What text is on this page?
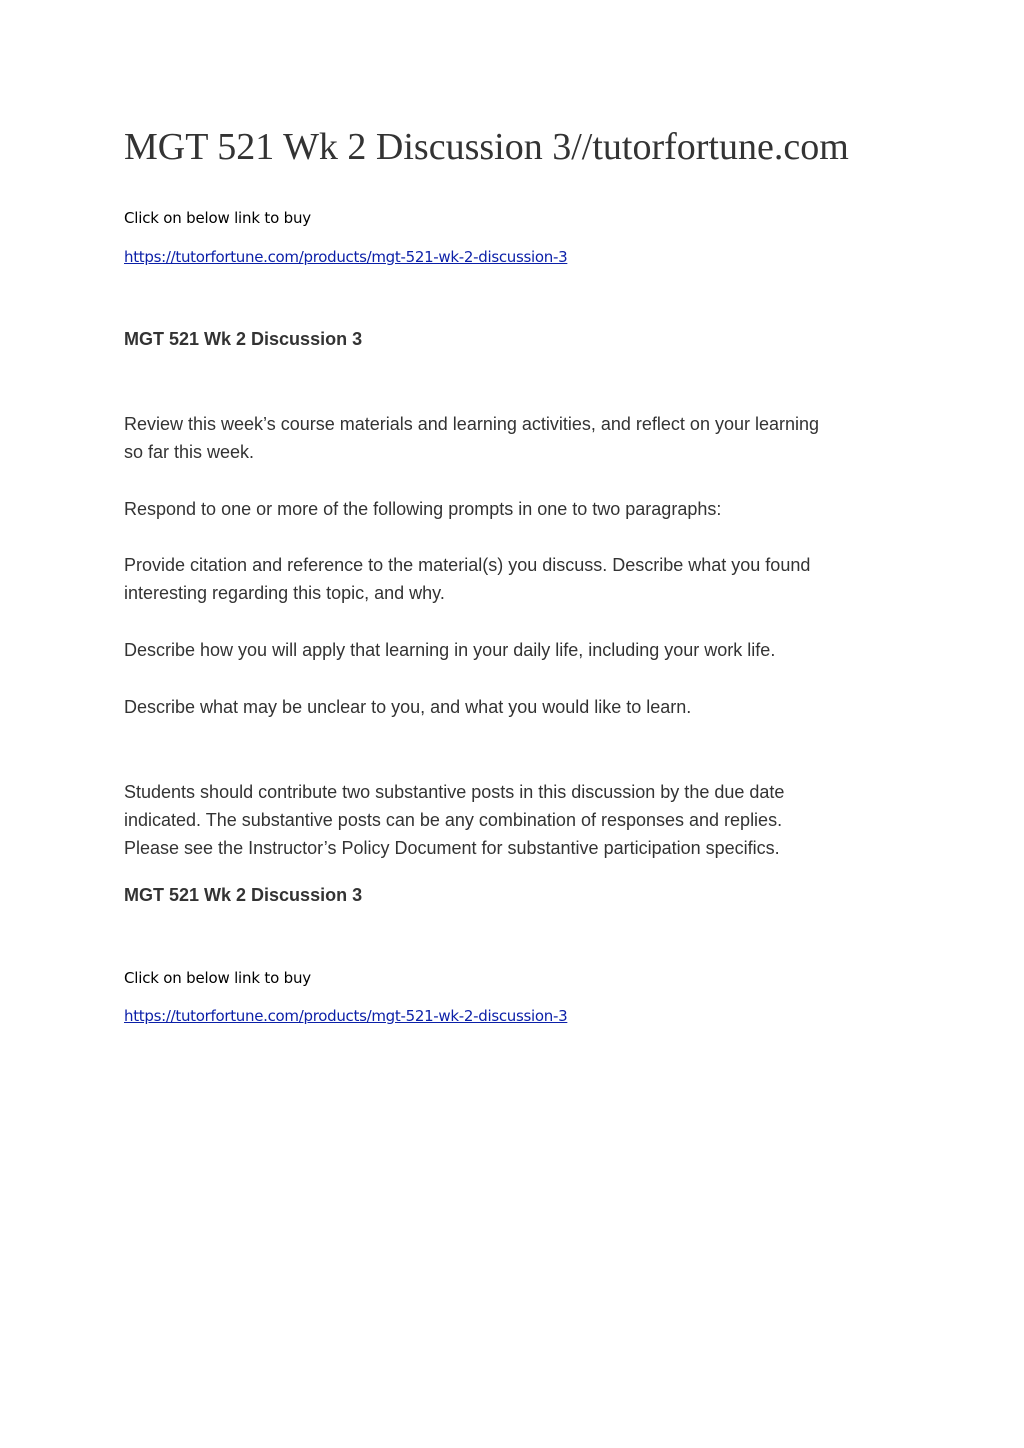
MGT 521 Wk 2 Discussion 3//tutorfortune.com
Click on below link to buy
https://tutorfortune.com/products/mgt-521-wk-2-discussion-3
MGT 521 Wk 2 Discussion 3

Review this week’s course materials and learning activities, and reflect on your learning
so far this week.

Respond to one or more of the following prompts in one to two paragraphs:

Provide citation and reference to the material(s) you discuss. Describe what you found
interesting regarding this topic, and why.

Describe how you will apply that learning in your daily life, including your work life.

Describe what may be unclear to you, and what you would like to learn.

Students should contribute two substantive posts in this discussion by the due date
indicated. The substantive posts can be any combination of responses and replies.
Please see the Instructor’s Policy Document for substantive participation specifics.

MGT 521 Wk 2 Discussion 3
Click on below link to buy
https://tutorfortune.com/products/mgt-521-wk-2-discussion-3
